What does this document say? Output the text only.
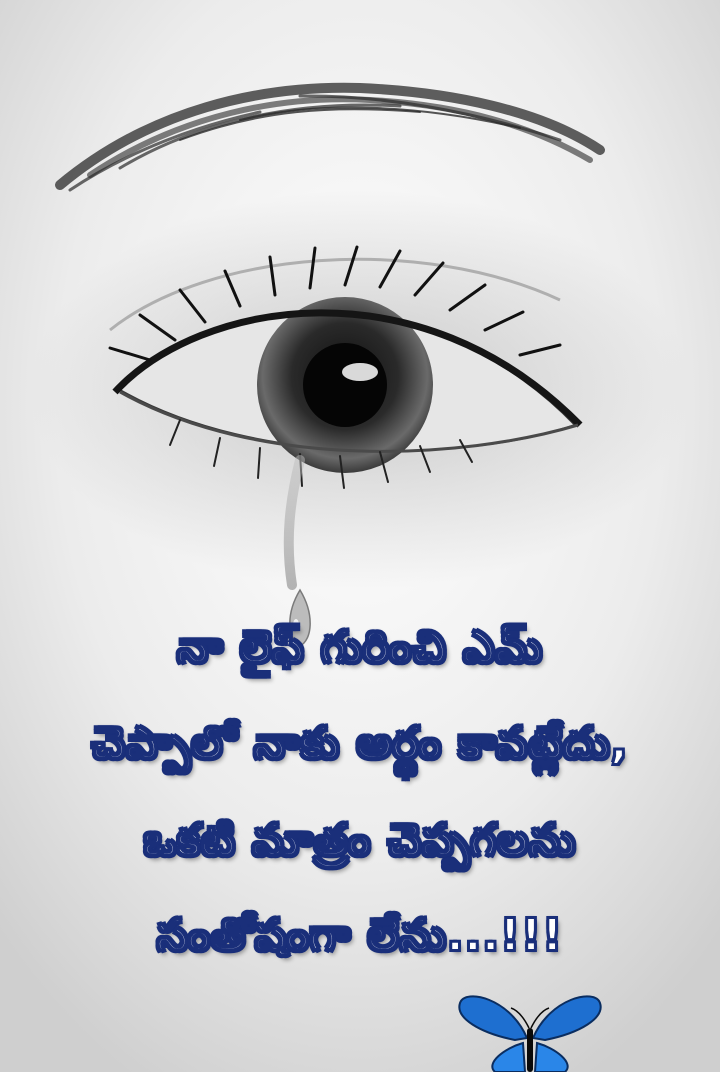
నా లైఫ్ గురించి ఎమ్
చెప్పాలో నాకు అర్థం కావట్లేదు,
ఒకటి మాత్రం చెప్పగలను
సంతోషంగా లేను...!!!
